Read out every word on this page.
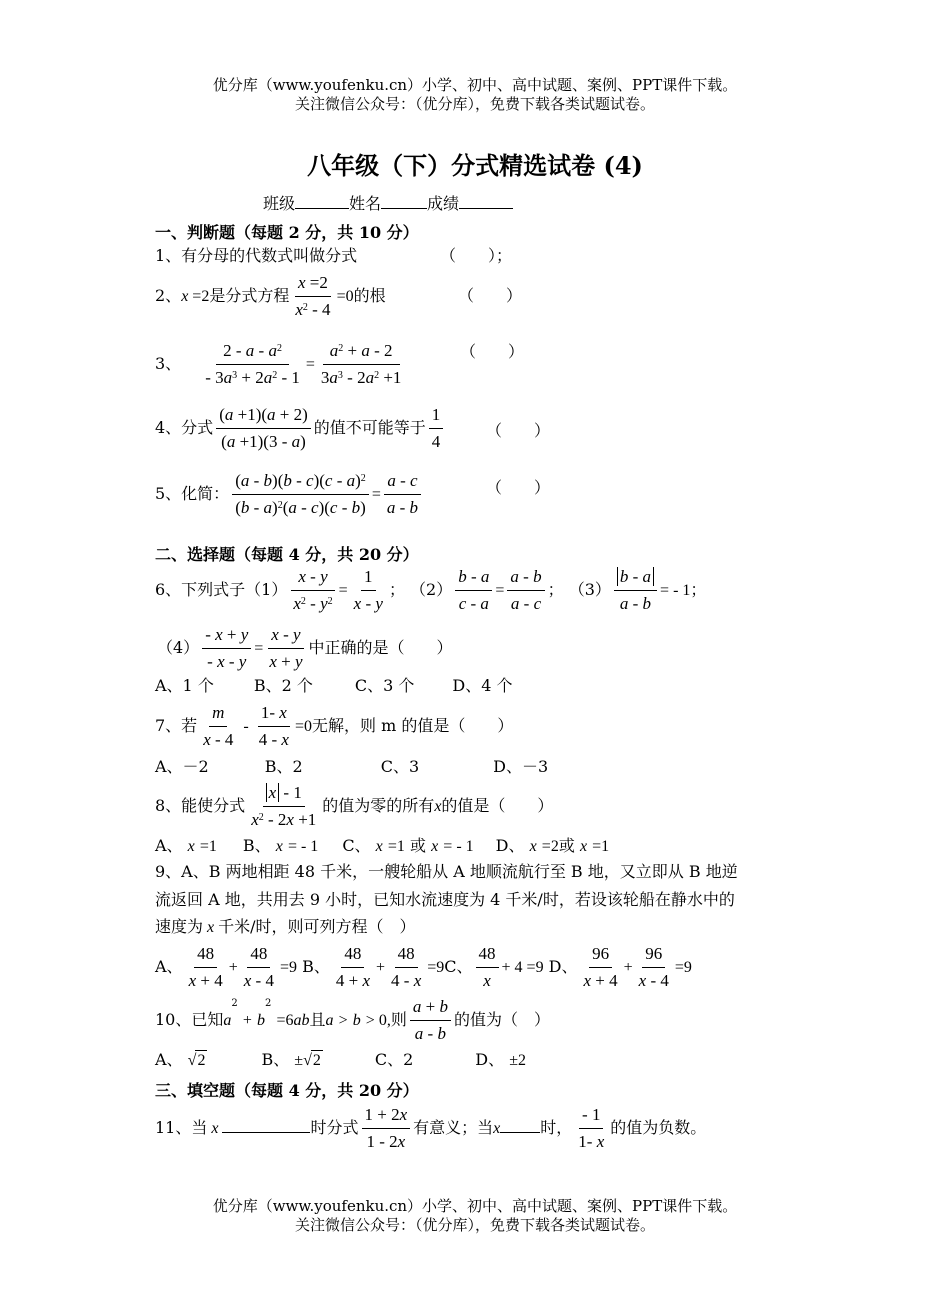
优分库（www.youfenku.cn）小学、初中、高中试题、案例、PPT课件下载。
关注微信公众号：（优分库），免费下载各类试题试卷。
八年级（下）分式精选试卷 (4)
班级	姓名	成绩
一、判断题（每题 2 分，共 10 分）
1、有分母的代数式叫做分式	（　　）；
2、x =2是分式方程 $\frac{x =2}{x^2 - 4} =0$的根	（　　）
3、 $\frac{2 - a - a^2}{- 3a^3 + 2a^2 - 1} = \frac{a^2 + a - 2}{3a^3 - 2a^2 +1}$	（　　）
4、分式 $\frac{(a +1)(a + 2)}{(a +1)(3 - a)}$ 的值不可能等于 $\frac{1}{4}$	（　　）
5、化简： $\frac{(a - b)(b - c)(c - a)^2}{(b - a)^2(a - c)(c - b)} = \frac{a - c}{a - b}$	（　　）
二、选择题（每题 4 分，共 20 分）
6、下列式子$(1) \frac{x - y}{x^2 - y^2} = \frac{1}{x - y}$ ； $(2) \frac{b - a}{c - a} = \frac{a - b}{a - c}$ ； $(3) \frac{b - a}{a - b}$ = - 1；
$(4) \frac{- x + y}{- x - y} = \frac{x - y}{x + y}$ 中正确的是（　　）
A、1 个	B、2 个	C、3 个 D、4 个
7、若 $\frac{m}{x - 4} - \frac{1- x}{4 - x} =0$无解，则 m 的值是（　　）
A、－2	B、2	C、3	D、－3
8、能使分式 $\frac{x - 1}{x^2 - 2x +1}$ 的值为零的所有x的值是（　　）
A、 x =1 B、 x = - 1 C、 x =1 或 x = - 1 D、 x =2或 x =1
9、A、B 两地相距 48 千米，一艘轮船从 A 地顺流航行至 B 地，又立即从 B 地逆
流返回 A 地，共用去 9 小时，已知水流速度为 4 千米/时，若设该轮船在静水中的
速度为 x 千米/时，则可列方程（　）
A、 $\frac{48}{x + 4} + \frac{48}{x - 4} =9$ B、 $\frac{48}{4 + x} + \frac{48}{4 - x} =9C$、 $\frac{48}{x} + 4 =9$ D、 $\frac{96}{x + 4} + \frac{96}{x - 4} =9$
10、已知$a^2 + b^2 =6ab$且a > b > 0,则 $\frac{a + b}{a - b}$ 的值为（　）
A、 √2	B、 ±√2	C、2	D、 ±2
三、填空题（每题 4 分，共 20 分）
11、当 x	时分式 $\frac{1 + 2x}{1 - 2x}$ 有意义；当x	时， $\frac{- 1}{1- x}$ 的值为负数。
优分库（www.youfenku.cn）小学、初中、高中试题、案例、PPT课件下载。
关注微信公众号：（优分库），免费下载各类试题试卷。
